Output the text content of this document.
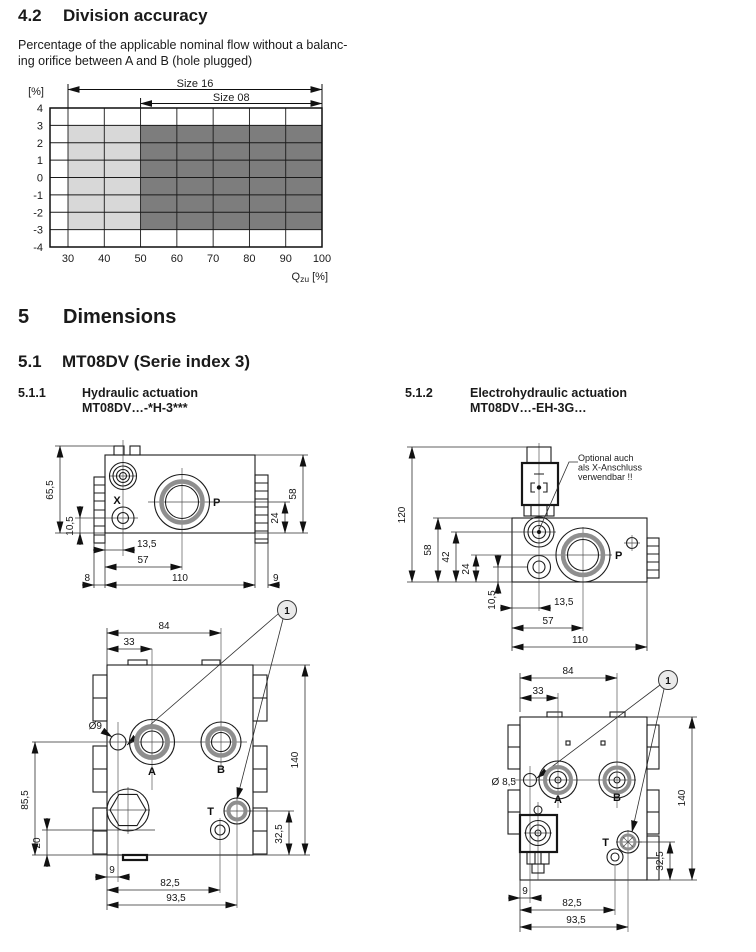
4.2	Division accuracy
Percentage of the applicable nominal flow without a balanc-
ing orifice between A and B (hole plugged)
4
3
2
1
0
-1
-2
-3
-4
30 40 50 60 70 80 90 100
[%]
Qzu [%]
Size 16
Size 08
5	Dimensions
5.1	MT08DV (Serie index 3)
5.1.1	Hydraulic actuation
MT08DV…-*H-3***
5.1.2	Electrohydraulic actuation
MT08DV…-EH-3G…
X	P
65,5
10,5
58
24
13,5
57
8	110	9
1
Ø9
A	B
T
84
33
85,5
20	32,5
140
9
82,5
93,5
Optional auch
als X-Anschluss
verwendbar !!
P
120
58
42
24
10,5	13,5
57
110
1
Ø 8,5
A	B
T
84
33
140
32,5
9
82,5
93,5
